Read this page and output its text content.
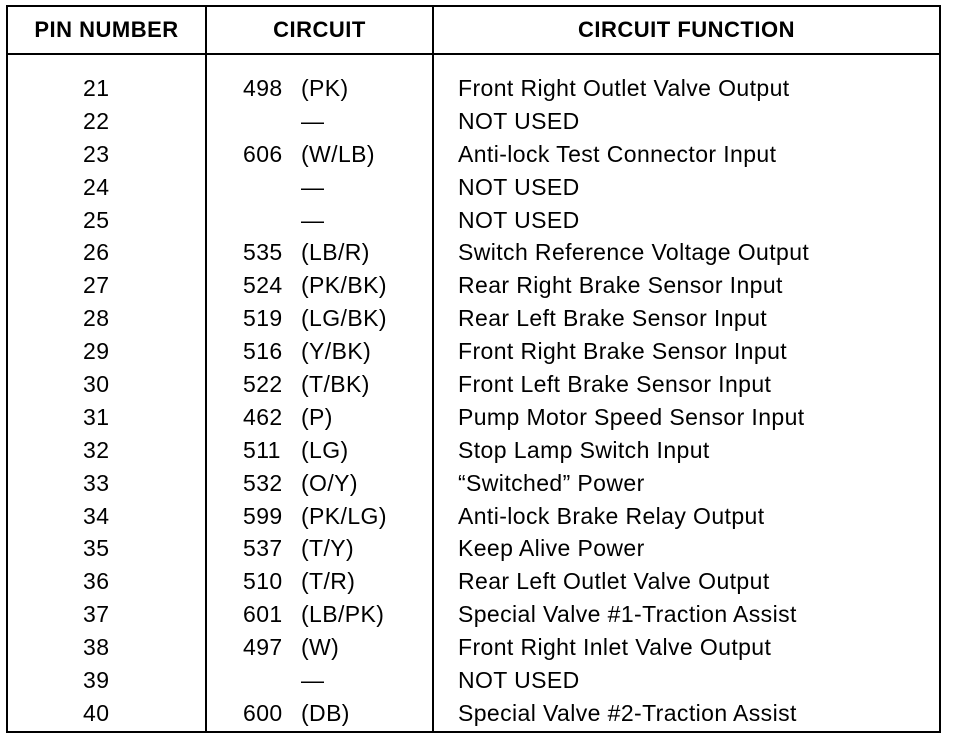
PIN NUMBER	CIRCUIT	CIRCUIT FUNCTION
21
22
23
24
25
26
27
28
29
30
31
32
33
34
35
36
37
38
39
40
498 (PK)
—
606 (W/LB)
—
—
535 (LB/R)
524 (PK/BK)
519 (LG/BK)
516 (Y/BK)
522 (T/BK)
462 (P)
511 (LG)
532 (O/Y)
599 (PK/LG)
537 (T/Y)
510 (T/R)
601 (LB/PK)
497 (W)
—
600 (DB)
Front Right Outlet Valve Output
NOT USED
Anti-lock Test Connector Input
NOT USED
NOT USED
Switch Reference Voltage Output
Rear Right Brake Sensor Input
Rear Left Brake Sensor Input
Front Right Brake Sensor Input
Front Left Brake Sensor Input
Pump Motor Speed Sensor Input
Stop Lamp Switch Input
“Switched” Power
Anti-lock Brake Relay Output
Keep Alive Power
Rear Left Outlet Valve Output
Special Valve #1-Traction Assist
Front Right Inlet Valve Output
NOT USED
Special Valve #2-Traction Assist
